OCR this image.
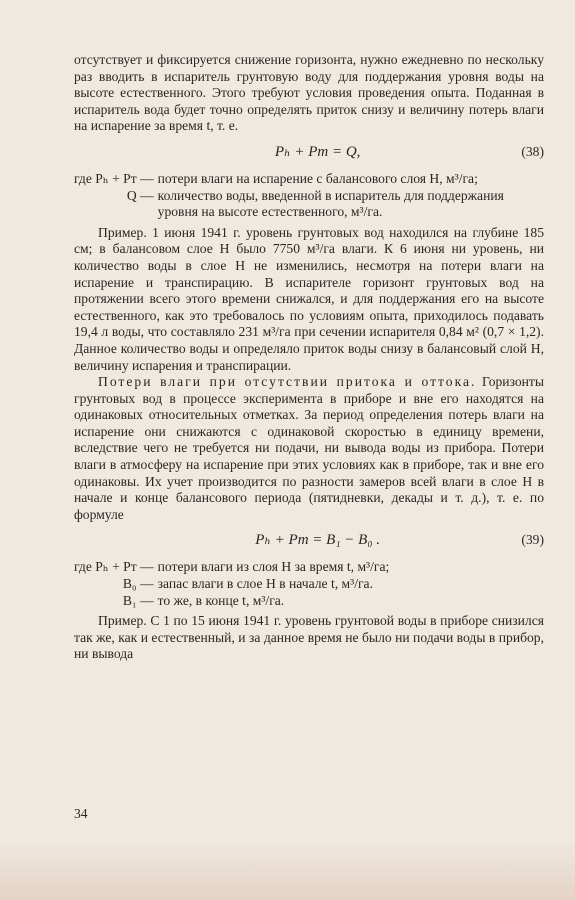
отсутствует и фиксируется снижение горизонта, нужно ежедневно по нескольку раз вводить в испаритель грунтовую воду для поддержания уровня воды на высоте естественного. Этого требуют условия проведения опыта. Поданная в испаритель вода будет точно определять приток снизу и величину потерь влаги на испарение за время t, т. е.

Pₕ + Pт = Q,	(38)
где Pₕ + Pт — потери влаги на испарение с балансового слоя H, м³/га;
Q — количество воды, введенной в испаритель для поддержания уровня на высоте естественного, м³/га.

Пример. 1 июня 1941 г. уровень грунтовых вод находился на глубине 185 см; в балансовом слое H было 7750 м³/га влаги. К 6 июня ни уровень, ни количество воды в слое H не изменились, несмотря на потери влаги на испарение и транспирацию. В испарителе горизонт грунтовых вод на протяжении всего этого времени снижался, и для поддержания его на высоте естественного, как это требовалось по условиям опыта, приходилось подавать 19,4 л воды, что составляло 231 м³/га при сечении испарителя 0,84 м² (0,7 × 1,2). Данное количество воды и определяло приток воды снизу в балансовый слой H, величину испарения и транспирации.

Потери влаги при отсутствии притока и оттока. Горизонты грунтовых вод в процессе эксперимента в приборе и вне его находятся на одинаковых относительных отметках. За период определения потерь влаги на испарение они снижаются с одинаковой скоростью в единицу времени, вследствие чего не требуется ни подачи, ни вывода воды из прибора. Потери влаги в атмосферу на испарение при этих условиях как в приборе, так и вне его одинаковы. Их учет производится по разности замеров всей влаги в слое H в начале и конце балансового периода (пятидневки, декады и т. д.), т. е. по формуле

Pₕ + Pт = B₁ − B₀ .	(39)
где Pₕ + Pт — потери влаги из слоя H за время t, м³/га;
B₀ — запас влаги в слое H в начале t, м³/га.
B₁ — то же, в конце t, м³/га.

Пример. С 1 по 15 июня 1941 г. уровень грунтовой воды в приборе снизился так же, как и естественный, и за данное время не было ни подачи воды в прибор, ни вывода

34
